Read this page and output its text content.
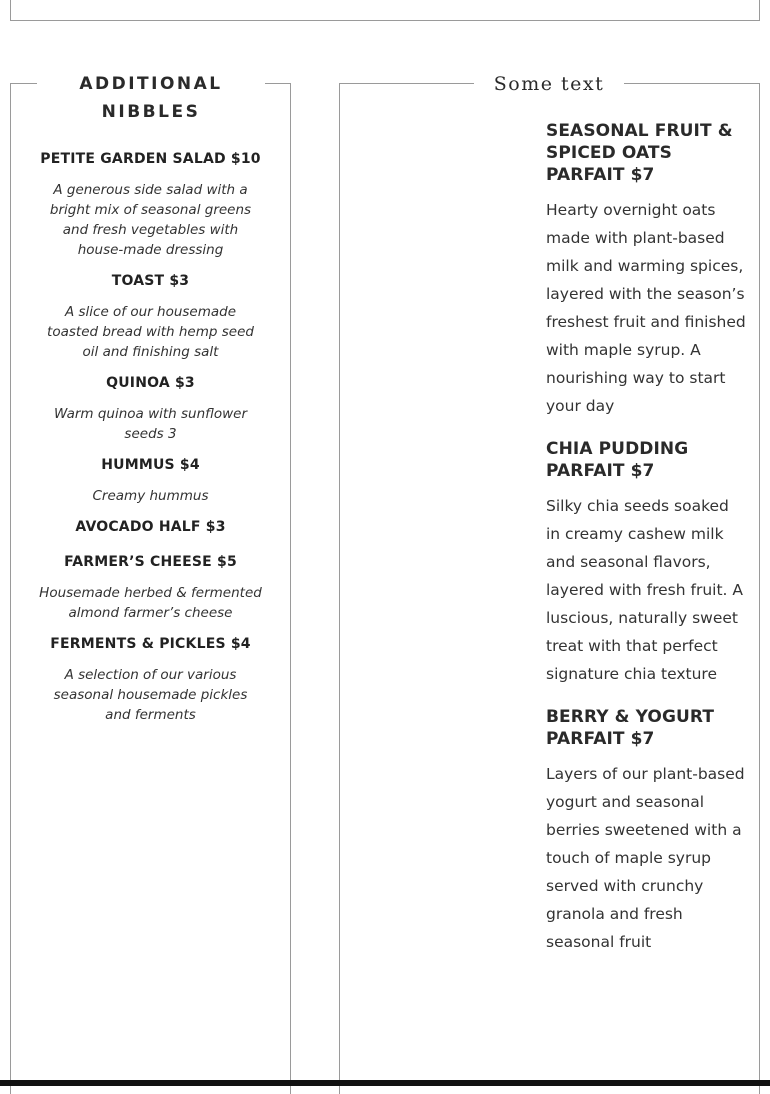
ADDITIONAL NIBBLES
PETITE GARDEN SALAD $10
A generous side salad with a bright mix of seasonal greens and fresh vegetables with house-made dressing
TOAST $3
A slice of our housemade toasted bread with hemp seed oil and finishing salt
QUINOA $3
Warm quinoa with sunflower seeds 3
HUMMUS $4
Creamy hummus
AVOCADO HALF $3
FARMER’S CHEESE $5
Housemade herbed & fermented almond farmer’s cheese
FERMENTS & PICKLES $4
A selection of our various seasonal housemade pickles and ferments
Some text
SEASONAL FRUIT & SPICED OATS PARFAIT $7
Hearty overnight oats made with plant-based milk and warming spices, layered with the season’s freshest fruit and finished with maple syrup. A nourishing way to start your day
CHIA PUDDING PARFAIT $7
Silky chia seeds soaked in creamy cashew milk and seasonal flavors, layered with fresh fruit. A luscious, naturally sweet treat with that perfect signature chia texture
BERRY & YOGURT PARFAIT $7
Layers of our plant-based yogurt and seasonal berries sweetened with a touch of maple syrup served with crunchy granola and fresh seasonal fruit
